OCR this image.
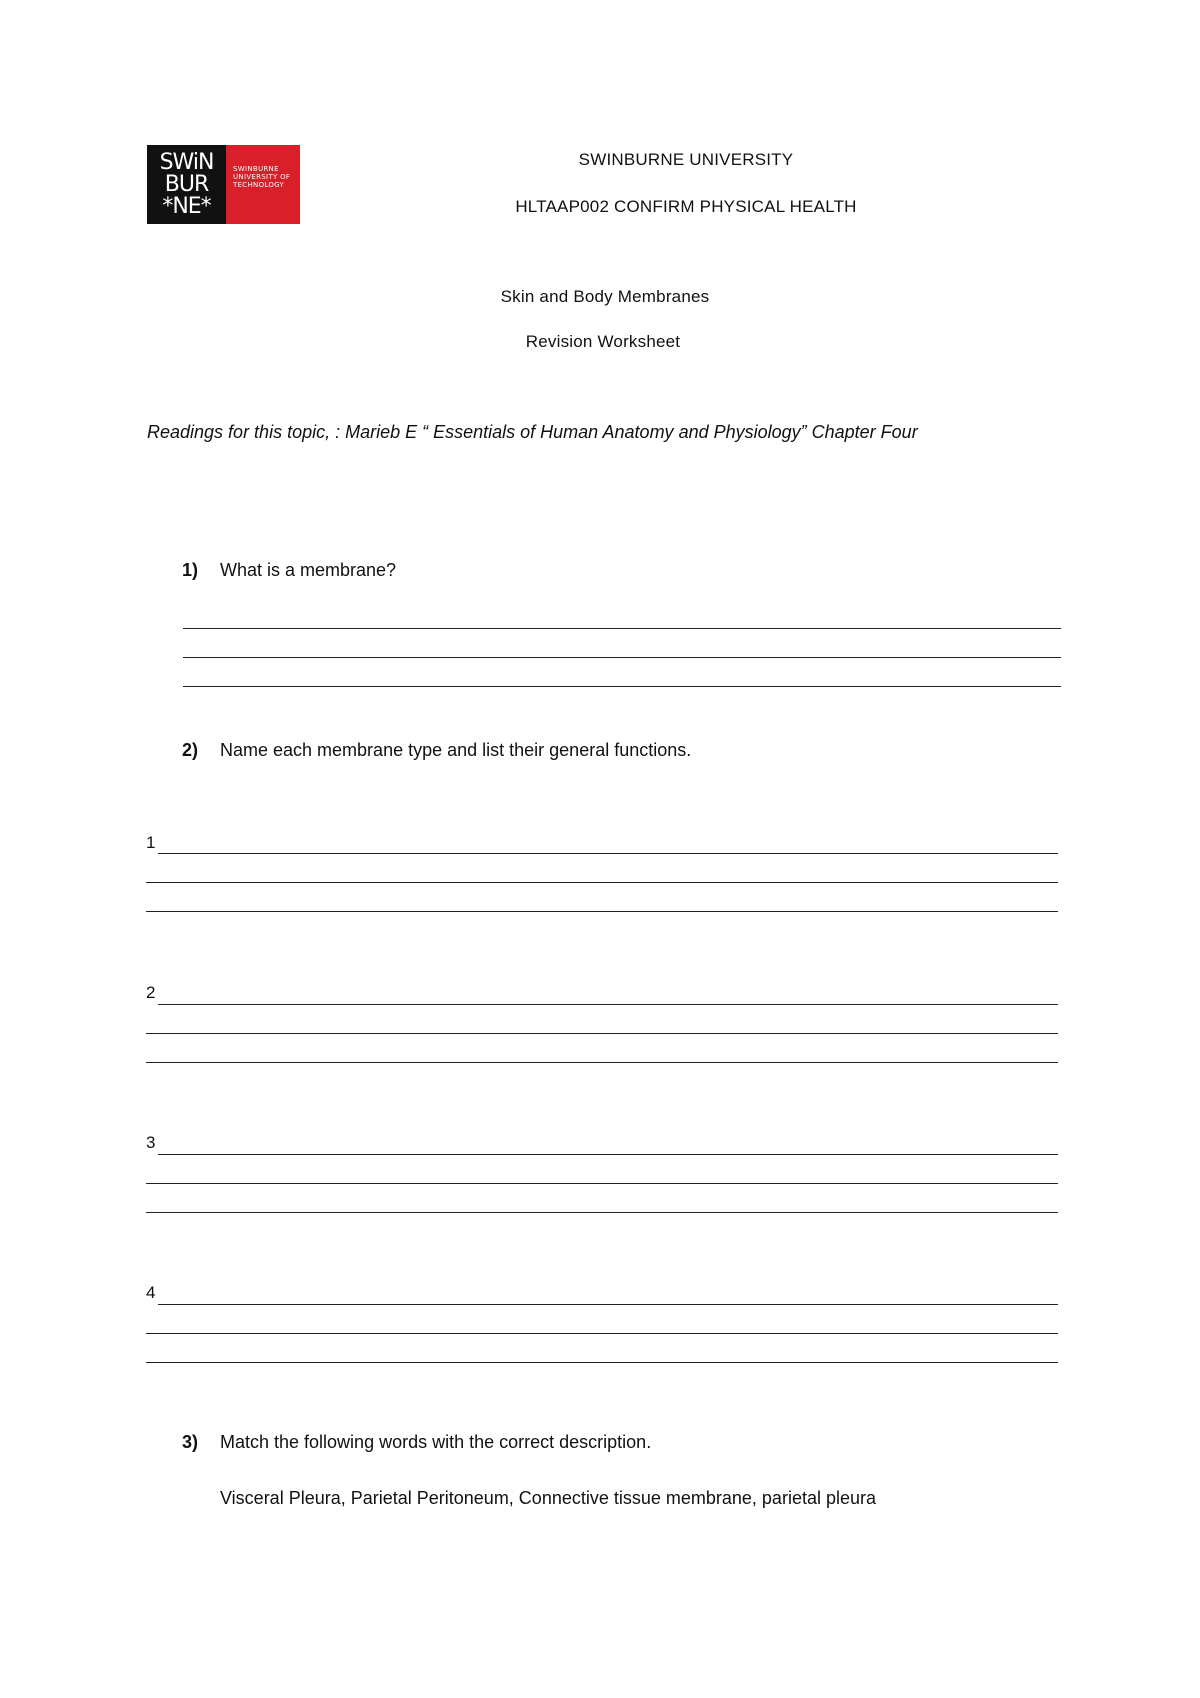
SWiN
BUR
*NE*
SWINBURNE
UNIVERSITY OF
TECHNOLOGY
SWINBURNE UNIVERSITY
HLTAAP002 CONFIRM PHYSICAL HEALTH
Skin and Body Membranes
Revision Worksheet
Readings for this topic, : Marieb E “ Essentials of Human Anatomy and Physiology” Chapter Four
1) What is a membrane?
2) Name each membrane type and list their general functions.
1
2
3
4
3) Match the following words with the correct description.
Visceral Pleura, Parietal Peritoneum, Connective tissue membrane, parietal pleura
